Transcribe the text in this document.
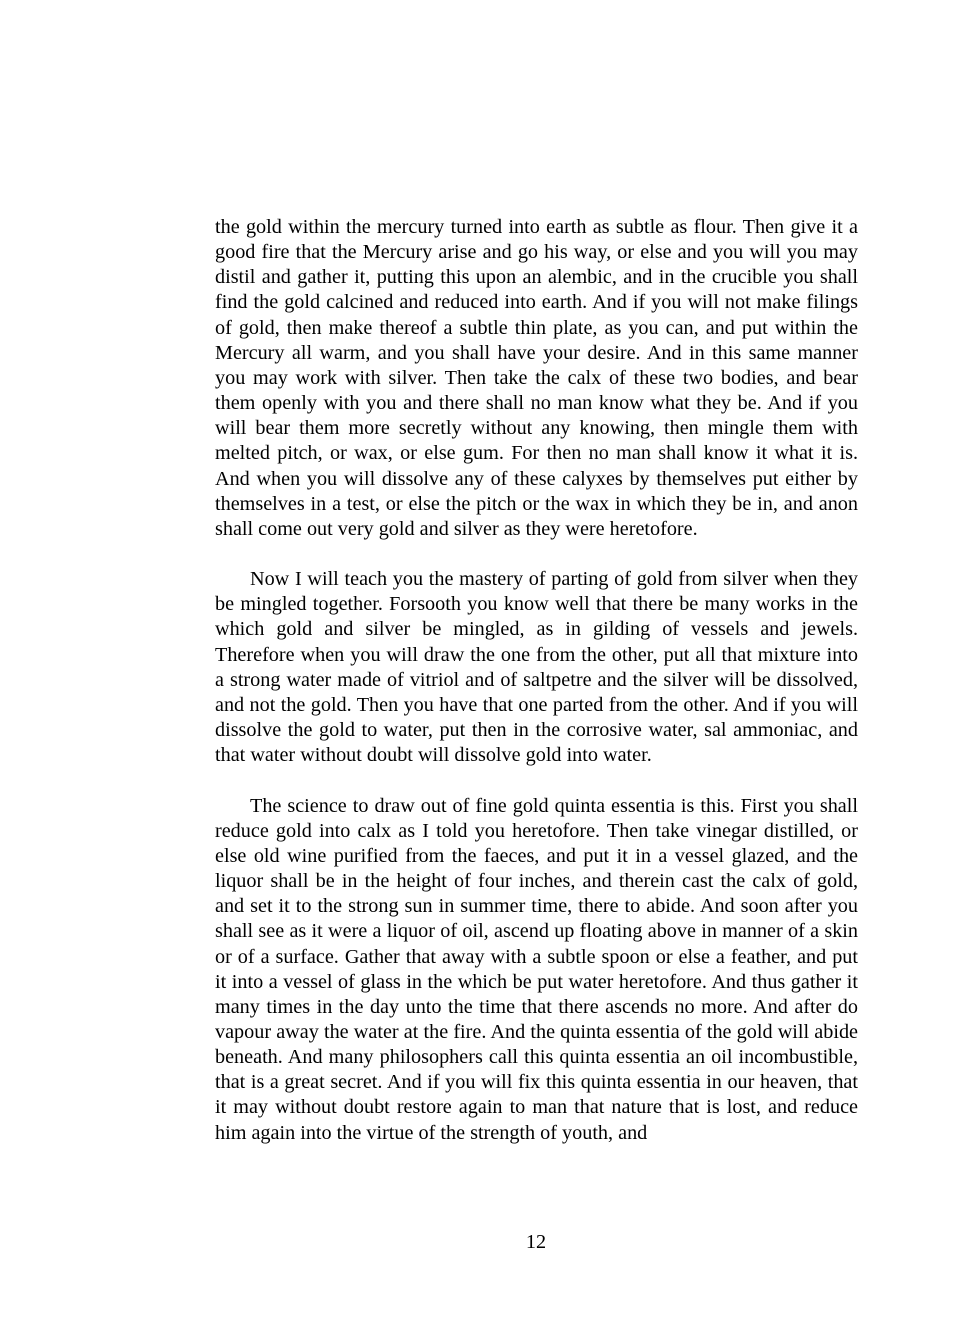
the gold within the mercury turned into earth as subtle as flour. Then give it a good fire that the Mercury arise and go his way, or else and you will you may distil and gather it, putting this upon an alembic, and in the crucible you shall find the gold calcined and reduced into earth. And if you will not make filings of gold, then make thereof a subtle thin plate, as you can, and put within the Mercury all warm, and you shall have your desire. And in this same manner you may work with silver. Then take the calx of these two bodies, and bear them openly with you and there shall no man know what they be. And if you will bear them more secretly without any knowing, then mingle them with melted pitch, or wax, or else gum. For then no man shall know it what it is. And when you will dissolve any of these calyxes by themselves put either by themselves in a test, or else the pitch or the wax in which they be in, and anon shall come out very gold and silver as they were heretofore.

Now I will teach you the mastery of parting of gold from silver when they be mingled together. Forsooth you know well that there be many works in the which gold and silver be mingled, as in gilding of vessels and jewels. Therefore when you will draw the one from the other, put all that mixture into a strong water made of vitriol and of saltpetre and the silver will be dissolved, and not the gold. Then you have that one parted from the other. And if you will dissolve the gold to water, put then in the corrosive water, sal ammoniac, and that water without doubt will dissolve gold into water.

The science to draw out of fine gold quinta essentia is this. First you shall reduce gold into calx as I told you heretofore. Then take vinegar distilled, or else old wine purified from the faeces, and put it in a vessel glazed, and the liquor shall be in the height of four inches, and therein cast the calx of gold, and set it to the strong sun in summer time, there to abide. And soon after you shall see as it were a liquor of oil, ascend up floating above in manner of a skin or of a surface. Gather that away with a subtle spoon or else a feather, and put it into a vessel of glass in the which be put water heretofore. And thus gather it many times in the day unto the time that there ascends no more. And after do vapour away the water at the fire. And the quinta essentia of the gold will abide beneath. And many philosophers call this quinta essentia an oil incombustible, that is a great secret. And if you will fix this quinta essentia in our heaven, that it may without doubt restore again to man that nature that is lost, and reduce him again into the virtue of the strength of youth, and

12
